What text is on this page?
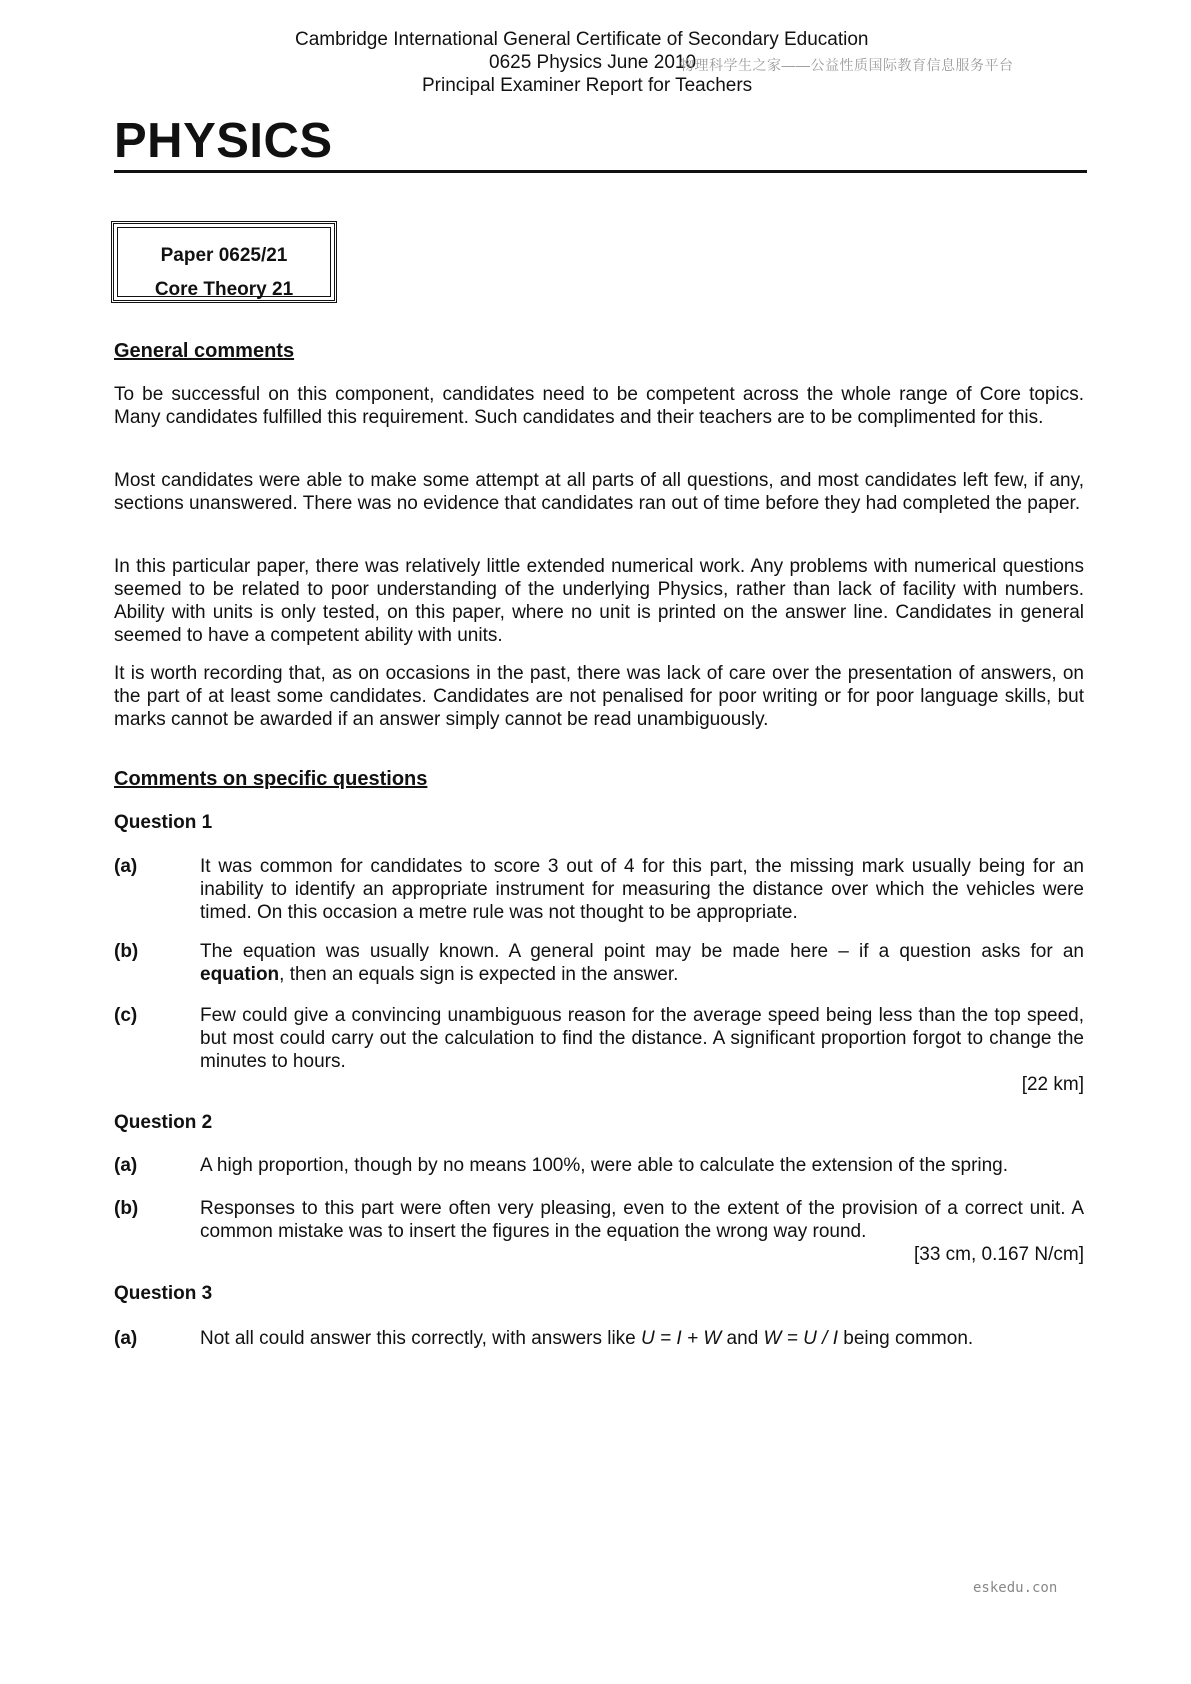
Cambridge International General Certificate of Secondary Education
0625 Physics June 2010
Principal Examiner Report for Teachers
物理科学生之家——公益性质国际教育信息服务平台
PHYSICS
Paper 0625/21
Core Theory 21
General comments
To be successful on this component, candidates need to be competent across the whole range of Core topics. Many candidates fulfilled this requirement. Such candidates and their teachers are to be complimented for this.
Most candidates were able to make some attempt at all parts of all questions, and most candidates left few, if any, sections unanswered. There was no evidence that candidates ran out of time before they had completed the paper.
In this particular paper, there was relatively little extended numerical work. Any problems with numerical questions seemed to be related to poor understanding of the underlying Physics, rather than lack of facility with numbers. Ability with units is only tested, on this paper, where no unit is printed on the answer line. Candidates in general seemed to have a competent ability with units.
It is worth recording that, as on occasions in the past, there was lack of care over the presentation of answers, on the part of at least some candidates. Candidates are not penalised for poor writing or for poor language skills, but marks cannot be awarded if an answer simply cannot be read unambiguously.
Comments on specific questions
Question 1
(a)	It was common for candidates to score 3 out of 4 for this part, the missing mark usually being for an inability to identify an appropriate instrument for measuring the distance over which the vehicles were timed. On this occasion a metre rule was not thought to be appropriate.
(b)	The equation was usually known. A general point may be made here – if a question asks for an equation, then an equals sign is expected in the answer.
(c)	Few could give a convincing unambiguous reason for the average speed being less than the top speed, but most could carry out the calculation to find the distance. A significant proportion forgot to change the minutes to hours.
[22 km]
Question 2
(a)	A high proportion, though by no means 100%, were able to calculate the extension of the spring.
(b)	Responses to this part were often very pleasing, even to the extent of the provision of a correct unit. A common mistake was to insert the figures in the equation the wrong way round.
[33 cm, 0.167 N/cm]
Question 3
(a)	Not all could answer this correctly, with answers like U = I + W and W = U / I being common.
eskedu.con
